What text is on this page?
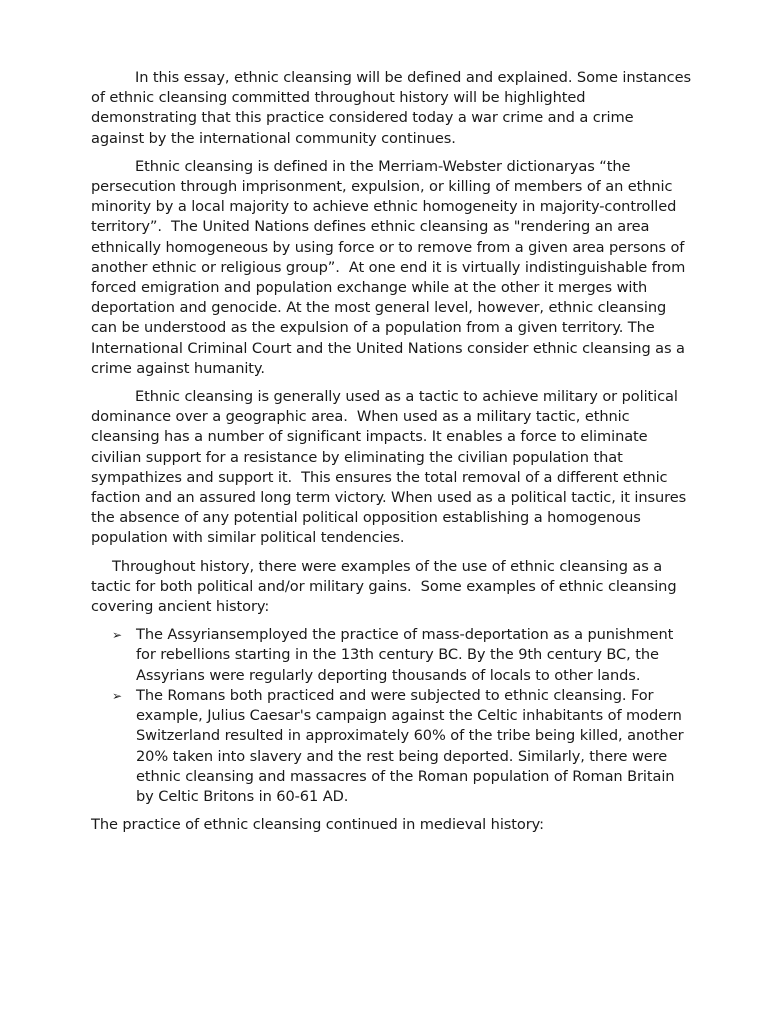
In this essay, ethnic cleansing will be defined and explained. Some instances of ethnic cleansing committed throughout history will be highlighted demonstrating that this practice considered today a war crime and a crime against by the international community continues.

Ethnic cleansing is defined in the Merriam-Webster dictionaryas “the persecution through imprisonment, expulsion, or killing of members of an ethnic minority by a local majority to achieve ethnic homogeneity in majority-controlled territory”.  The United Nations defines ethnic cleansing as "rendering an area ethnically homogeneous by using force or to remove from a given area persons of another ethnic or religious group”.  At one end it is virtually indistinguishable from forced emigration and population exchange while at the other it merges with deportation and genocide. At the most general level, however, ethnic cleansing can be understood as the expulsion of a population from a given territory. The International Criminal Court and the United Nations consider ethnic cleansing as a crime against humanity.

Ethnic cleansing is generally used as a tactic to achieve military or political dominance over a geographic area.  When used as a military tactic, ethnic cleansing has a number of significant impacts. It enables a force to eliminate civilian support for a resistance by eliminating the civilian population that sympathizes and support it.  This ensures the total removal of a different ethnic faction and an assured long term victory. When used as a political tactic, it insures the absence of any potential political opposition establishing a homogenous population with similar political tendencies.

Throughout history, there were examples of the use of ethnic cleansing as a tactic for both political and/or military gains.  Some examples of ethnic cleansing covering ancient history:

➢ The Assyriansemployed the practice of mass-deportation as a punishment for rebellions starting in the 13th century BC. By the 9th century BC, the Assyrians were regularly deporting thousands of locals to other lands.
➢ The Romans both practiced and were subjected to ethnic cleansing. For example, Julius Caesar's campaign against the Celtic inhabitants of modern Switzerland resulted in approximately 60% of the tribe being killed, another 20% taken into slavery and the rest being deported. Similarly, there were ethnic cleansing and massacres of the Roman population of Roman Britain by Celtic Britons in 60-61 AD.

The practice of ethnic cleansing continued in medieval history:
